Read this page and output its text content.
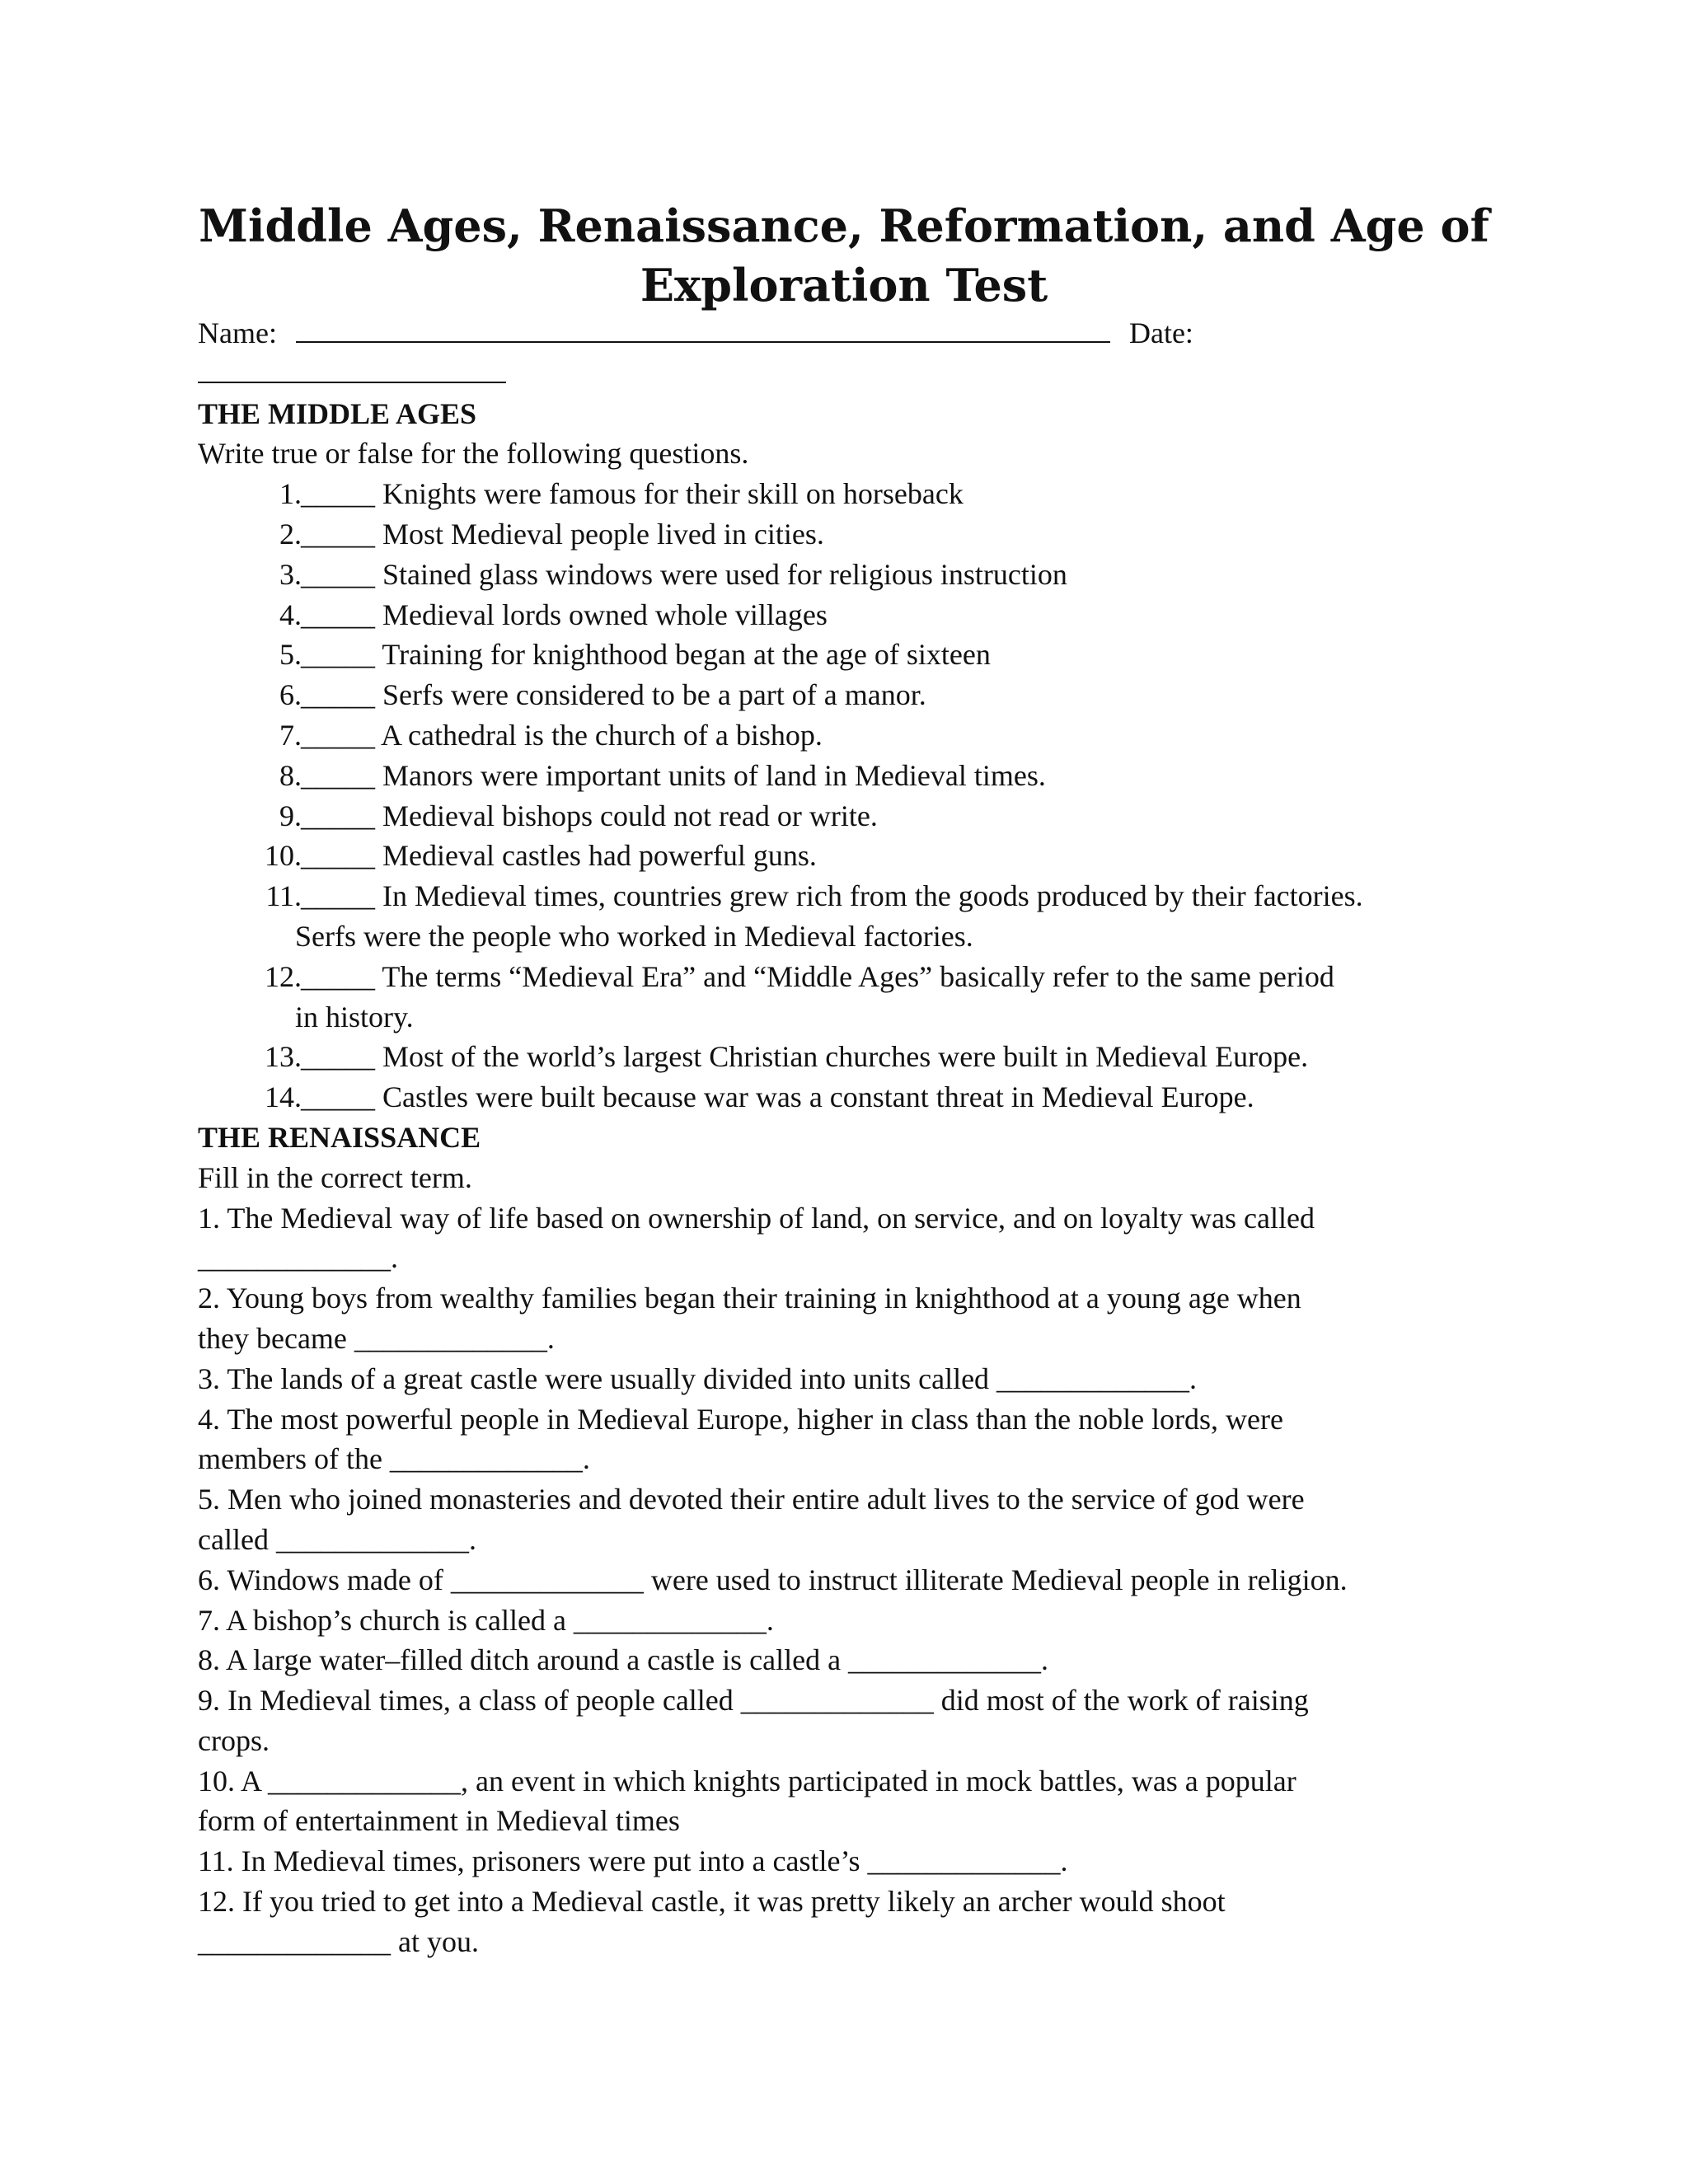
Middle Ages, Renaissance, Reformation, and Age of Exploration Test
Name:	Date:
THE MIDDLE AGES
Write true or false for the following questions.
1. _____ Knights were famous for their skill on horseback
2. _____ Most Medieval people lived in cities.
3. _____ Stained glass windows were used for religious instruction
4. _____ Medieval lords owned whole villages
5. _____ Training for knighthood began at the age of sixteen
6. _____ Serfs were considered to be a part of a manor.
7. _____ A cathedral is the church of a bishop.
8. _____ Manors were important units of land in Medieval times.
9. _____ Medieval bishops could not read or write.
10. _____ Medieval castles had powerful guns.
11. _____ In Medieval times, countries grew rich from the goods produced by their factories.
Serfs were the people who worked in Medieval factories.
12. _____ The terms “Medieval Era” and “Middle Ages” basically refer to the same period
in history.
13. _____ Most of the world’s largest Christian churches were built in Medieval Europe.
14. _____ Castles were built because war was a constant threat in Medieval Europe.
THE RENAISSANCE
Fill in the correct term.
1. The Medieval way of life based on ownership of land, on service, and on loyalty was called
_____________.
2. Young boys from wealthy families began their training in knighthood at a young age when
they became _____________.
3. The lands of a great castle were usually divided into units called _____________.
4. The most powerful people in Medieval Europe, higher in class than the noble lords, were
members of the _____________.
5. Men who joined monasteries and devoted their entire adult lives to the service of god were
called _____________.
6. Windows made of _____________ were used to instruct illiterate Medieval people in religion.
7. A bishop’s church is called a _____________.
8. A large water–filled ditch around a castle is called a _____________.
9. In Medieval times, a class of people called _____________ did most of the work of raising
crops.
10. A _____________, an event in which knights participated in mock battles, was a popular
form of entertainment in Medieval times
11. In Medieval times, prisoners were put into a castle’s _____________.
12. If you tried to get into a Medieval castle, it was pretty likely an archer would shoot
_____________ at you.
